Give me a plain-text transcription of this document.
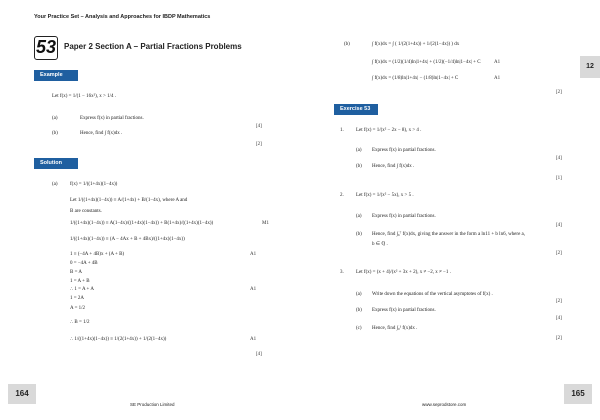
Your Practice Set – Analysis and Approaches for IBDP Mathematics
53 Paper 2 Section A – Partial Fractions Problems
12
Example
Let f(x) = 1/(1 − 16x²), x > 1/4 .
(a)	Express f(x) in partial fractions.
[4]
(b)	Hence, find ∫ f(x)dx .
[2]
Solution
(a) f(x) = 1/((1+4x)(1−4x))
Let 1/((1+4x)(1−4x)) ≡ A/(1+4x) + B/(1−4x), where A and
B are constants.
1/((1+4x)(1−4x)) ≡ A(1−4x)/((1+4x)(1−4x)) + B(1+4x)/((1+4x)(1−4x))	M1
1/((1+4x)(1−4x)) ≡ (A − 4Ax + B + 4Bx)/((1+4x)(1−4x))
1 ≡ (−4A + 4B)x + (A + B)	A1
0 = −4A + 4B
B = A
1 = A + B
∴ 1 = A + A	A1
1 = 2A
A = 1/2
∴ B = 1/2
∴ 1/((1+4x)(1−4x)) ≡ 1/(2(1+4x)) + 1/(2(1−4x))	A1
[4]
(b)	∫ f(x)dx = ∫ ( 1/(2(1+4x)) + 1/(2(1−4x)) ) dx
∫ f(x)dx = (1/2)(1/4)ln|1+4x| + (1/2)(−1/4)ln|1−4x| + C	A1
∫ f(x)dx = (1/8)ln|1+4x| − (1/8)ln|1−4x| + C	A1
[2]
Exercise 53
1. Let f(x) = 1/(x² − 2x − 8), x > 4 .
(a) Express f(x) in partial fractions.
[4]
(b) Hence, find ∫ f(x)dx .
[1]
2. Let f(x) = 1/(x² − 5x), x > 5 .
(a) Express f(x) in partial fractions.
[4]
(b) Hence, find ∫₆⁷ f(x)dx, giving the answer in the form a ln11 + b ln6, where a,
b ∈ ℚ .
[2]
3. Let f(x) = (x + 4)/(x² + 3x + 2), x ≠ −2, x ≠ −1 .
(a) Write down the equations of the vertical asymptotes of f(x) .
[2]
(b) Express f(x) in partial fractions.
[4]
(c) Hence, find ∫₀¹ f(x)dx .
[2]
164	165
SE Production Limited	www.seprodstore.com
